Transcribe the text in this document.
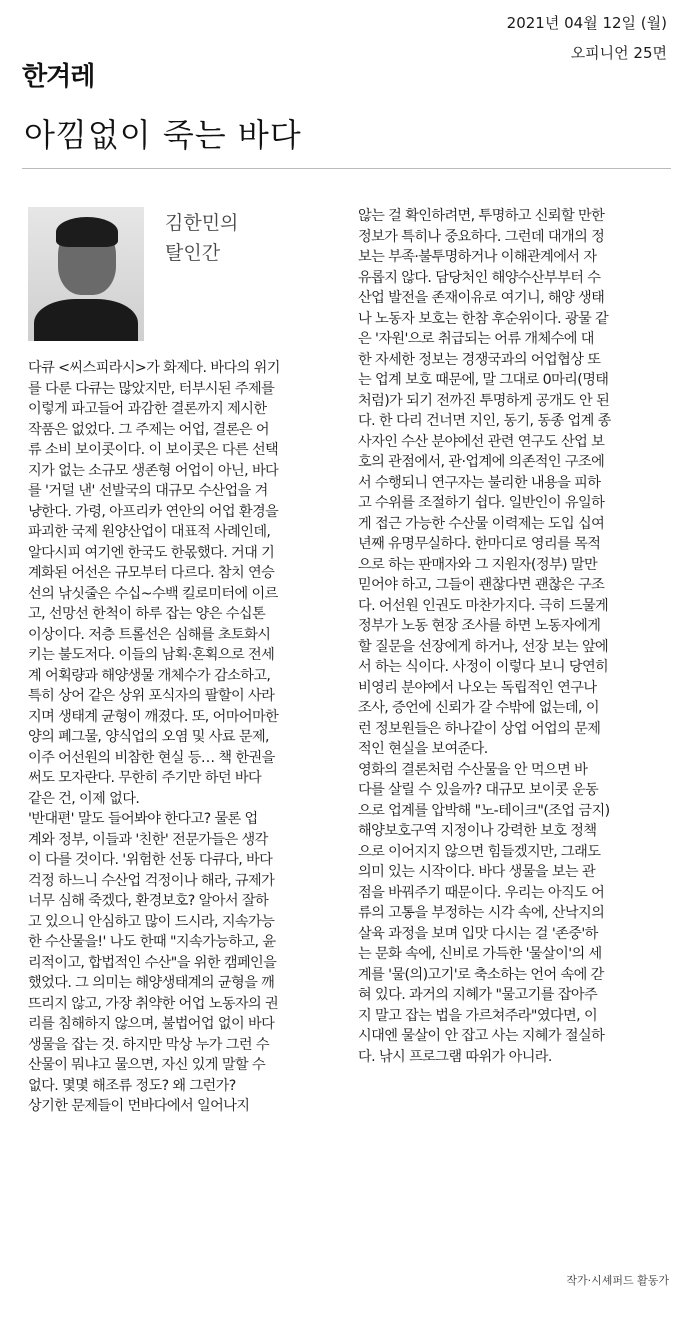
한겨레
2021년 04월 12일 (월)
오피니언 25면
아낌없이 죽는 바다
김한민의
탈인간

다큐 <씨스피라시>가 화제다. 바다의 위기

를 다룬 다큐는 많았지만, 터부시된 주제를

이렇게 파고들어 과감한 결론까지 제시한

작품은 없었다. 그 주제는 어업, 결론은 어

류 소비 보이콧이다. 이 보이콧은 다른 선택

지가 없는 소규모 생존형 어업이 아닌, 바다

를 '거덜 낸' 선발국의 대규모 수산업을 겨

냥한다. 가령, 아프리카 연안의 어업 환경을

파괴한 국제 원양산업이 대표적 사례인데,

알다시피 여기엔 한국도 한몫했다. 거대 기

계화된 어선은 규모부터 다르다. 참치 연승

선의 낚싯줄은 수십~수백 킬로미터에 이르

고, 선망선 한척이 하루 잡는 양은 수십톤

이상이다. 저층 트롤선은 심해를 초토화시

키는 불도저다. 이들의 남획·혼획으로 전세

계 어획량과 해양생물 개체수가 감소하고,

특히 상어 같은 상위 포식자의 팔할이 사라

지며 생태계 균형이 깨졌다. 또, 어마어마한

양의 폐그물, 양식업의 오염 및 사료 문제,

이주 어선원의 비참한 현실 등… 책 한권을

써도 모자란다. 무한히 주기만 하던 바다

같은 건, 이제 없다.

'반대편' 말도 들어봐야 한다고? 물론 업

계와 정부, 이들과 '친한' 전문가들은 생각

이 다를 것이다. '위험한 선동 다큐다, 바다

걱정 하느니 수산업 걱정이나 해라, 규제가

너무 심해 죽겠다, 환경보호? 알아서 잘하

고 있으니 안심하고 많이 드시라, 지속가능

한 수산물을!' 나도 한때 "지속가능하고, 윤

리적이고, 합법적인 수산"을 위한 캠페인을

했었다. 그 의미는 해양생태계의 균형을 깨

뜨리지 않고, 가장 취약한 어업 노동자의 권

리를 침해하지 않으며, 불법어업 없이 바다

생물을 잡는 것. 하지만 막상 누가 그런 수

산물이 뭐냐고 물으면, 자신 있게 말할 수

없다. 몇몇 해조류 정도? 왜 그런가?

상기한 문제들이 먼바다에서 일어나지

않는 걸 확인하려면, 투명하고 신뢰할 만한

정보가 특히나 중요하다. 그런데 대개의 정

보는 부족·불투명하거나 이해관계에서 자

유롭지 않다. 담당처인 해양수산부부터 수

산업 발전을 존재이유로 여기니, 해양 생태

나 노동자 보호는 한참 후순위이다. 광물 같

은 '자원'으로 취급되는 어류 개체수에 대

한 자세한 정보는 경쟁국과의 어업협상 또

는 업계 보호 때문에, 말 그대로 0마리(명태

처럼)가 되기 전까진 투명하게 공개도 안 된

다. 한 다리 건너면 지인, 동기, 동종 업계 종

사자인 수산 분야에선 관련 연구도 산업 보

호의 관점에서, 관·업계에 의존적인 구조에

서 수행되니 연구자는 불리한 내용을 피하

고 수위를 조절하기 쉽다. 일반인이 유일하

게 접근 가능한 수산물 이력제는 도입 십여

년째 유명무실하다. 한마디로 영리를 목적

으로 하는 판매자와 그 지원자(정부) 말만

믿어야 하고, 그들이 괜찮다면 괜찮은 구조

다. 어선원 인권도 마찬가지다. 극히 드물게

정부가 노동 현장 조사를 하면 노동자에게

할 질문을 선장에게 하거나, 선장 보는 앞에

서 하는 식이다. 사정이 이렇다 보니 당연히

비영리 분야에서 나오는 독립적인 연구나

조사, 증언에 신뢰가 갈 수밖에 없는데, 이

런 정보원들은 하나같이 상업 어업의 문제

적인 현실을 보여준다.

영화의 결론처럼 수산물을 안 먹으면 바

다를 살릴 수 있을까? 대규모 보이콧 운동

으로 업계를 압박해 "노-테이크"(조업 금지)

해양보호구역 지정이나 강력한 보호 정책

으로 이어지지 않으면 힘들겠지만, 그래도

의미 있는 시작이다. 바다 생물을 보는 관

점을 바꿔주기 때문이다. 우리는 아직도 어

류의 고통을 부정하는 시각 속에, 산낙지의

살육 과정을 보며 입맛 다시는 걸 '존중'하

는 문화 속에, 신비로 가득한 '물살이'의 세

계를 '물(의)고기'로 축소하는 언어 속에 갇

혀 있다. 과거의 지혜가 "물고기를 잡아주

지 말고 잡는 법을 가르쳐주라"였다면, 이

시대엔 물살이 안 잡고 사는 지혜가 절실하

다. 낚시 프로그램 따위가 아니라.

작가·시셰퍼드 활동가
